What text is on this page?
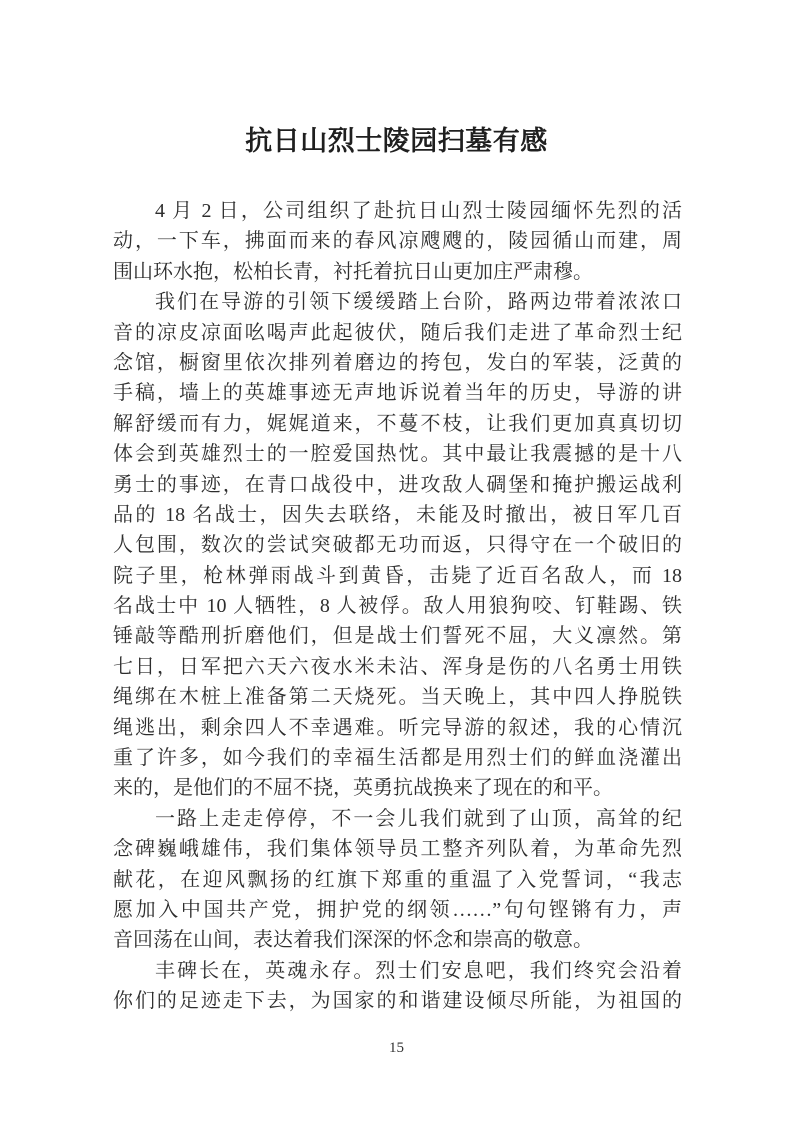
抗日山烈士陵园扫墓有感
4 月 2 日，公司组织了赴抗日山烈士陵园缅怀先烈的活
动，一下车，拂面而来的春风凉飕飕的，陵园循山而建，周
围山环水抱，松柏长青，衬托着抗日山更加庄严肃穆。
我们在导游的引领下缓缓踏上台阶，路两边带着浓浓口
音的凉皮凉面吆喝声此起彼伏，随后我们走进了革命烈士纪
念馆，橱窗里依次排列着磨边的挎包，发白的军装，泛黄的
手稿，墙上的英雄事迹无声地诉说着当年的历史，导游的讲
解舒缓而有力，娓娓道来，不蔓不枝，让我们更加真真切切
体会到英雄烈士的一腔爱国热忱。其中最让我震撼的是十八
勇士的事迹，在青口战役中，进攻敌人碉堡和掩护搬运战利
品的 18 名战士，因失去联络，未能及时撤出，被日军几百
人包围，数次的尝试突破都无功而返，只得守在一个破旧的
院子里，枪林弹雨战斗到黄昏，击毙了近百名敌人，而 18
名战士中 10 人牺牲，8 人被俘。敌人用狼狗咬、钉鞋踢、铁
锤敲等酷刑折磨他们，但是战士们誓死不屈，大义凛然。第
七日，日军把六天六夜水米未沾、浑身是伤的八名勇士用铁
绳绑在木桩上准备第二天烧死。当天晚上，其中四人挣脱铁
绳逃出，剩余四人不幸遇难。听完导游的叙述，我的心情沉
重了许多，如今我们的幸福生活都是用烈士们的鲜血浇灌出
来的，是他们的不屈不挠，英勇抗战换来了现在的和平。
一路上走走停停，不一会儿我们就到了山顶，高耸的纪
念碑巍峨雄伟，我们集体领导员工整齐列队着，为革命先烈
献花，在迎风飘扬的红旗下郑重的重温了入党誓词，“我志
愿加入中国共产党，拥护党的纲领……”句句铿锵有力，声
音回荡在山间，表达着我们深深的怀念和崇高的敬意。
丰碑长在，英魂永存。烈士们安息吧，我们终究会沿着
你们的足迹走下去，为国家的和谐建设倾尽所能，为祖国的
15
